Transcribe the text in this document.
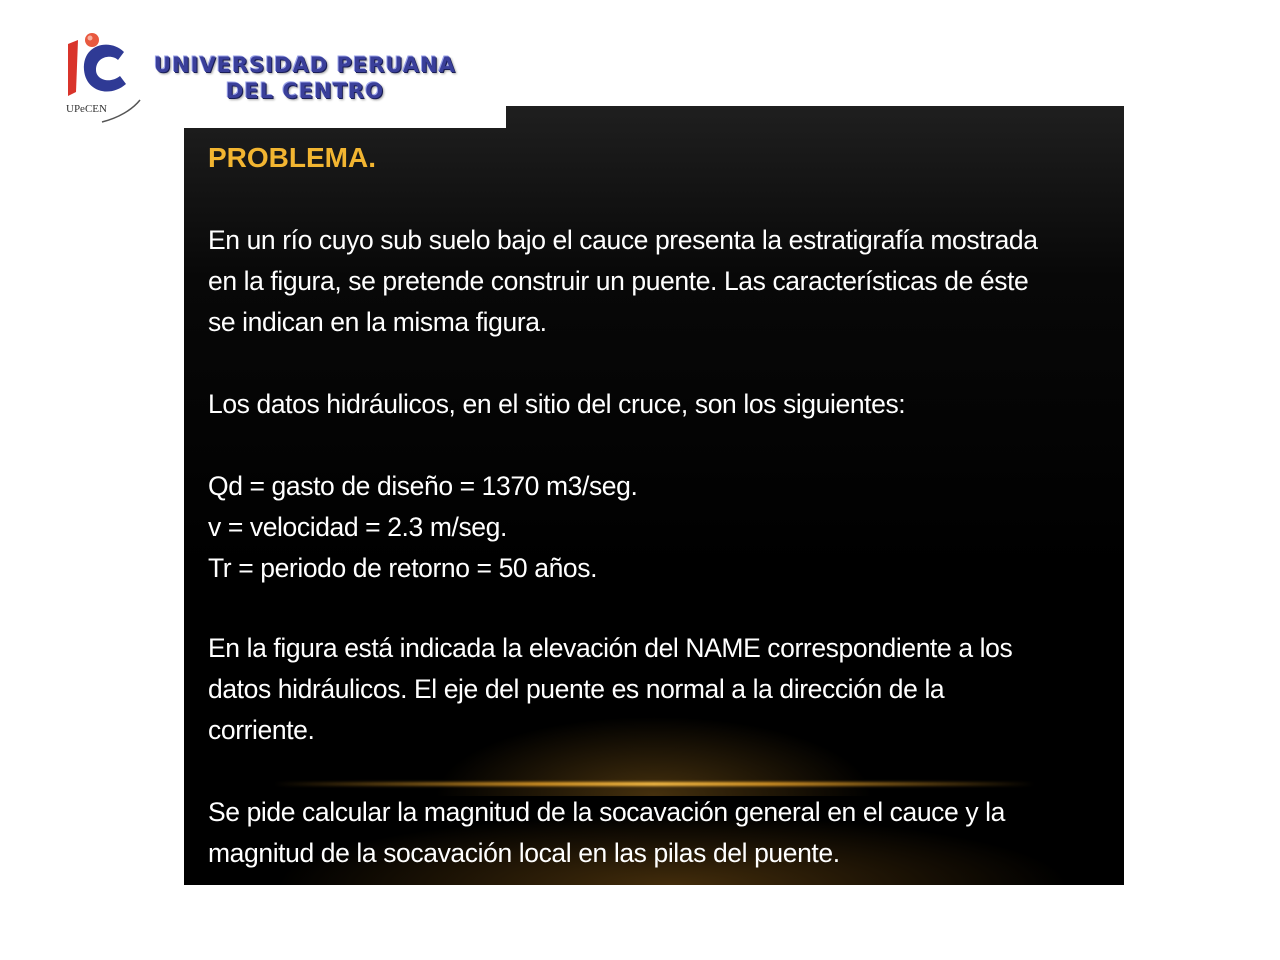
UPeCEN
UNIVERSIDAD PERUANA
DEL CENTRO
PROBLEMA.
En un río cuyo sub suelo bajo el cauce presenta la estratigrafía mostrada
en la figura, se pretende construir un puente. Las características de éste
se indican en la misma figura.
Los datos hidráulicos, en el sitio del cruce, son los siguientes:
Qd = gasto de diseño = 1370 m3/seg.
v = velocidad = 2.3 m/seg.
Tr = periodo de retorno = 50 años.
En la figura está indicada la elevación del NAME correspondiente a los
datos hidráulicos. El eje del puente es normal a la dirección de la
corriente.
Se pide calcular la magnitud de la socavación general en el cauce y la
magnitud de la socavación local en las pilas del puente.
